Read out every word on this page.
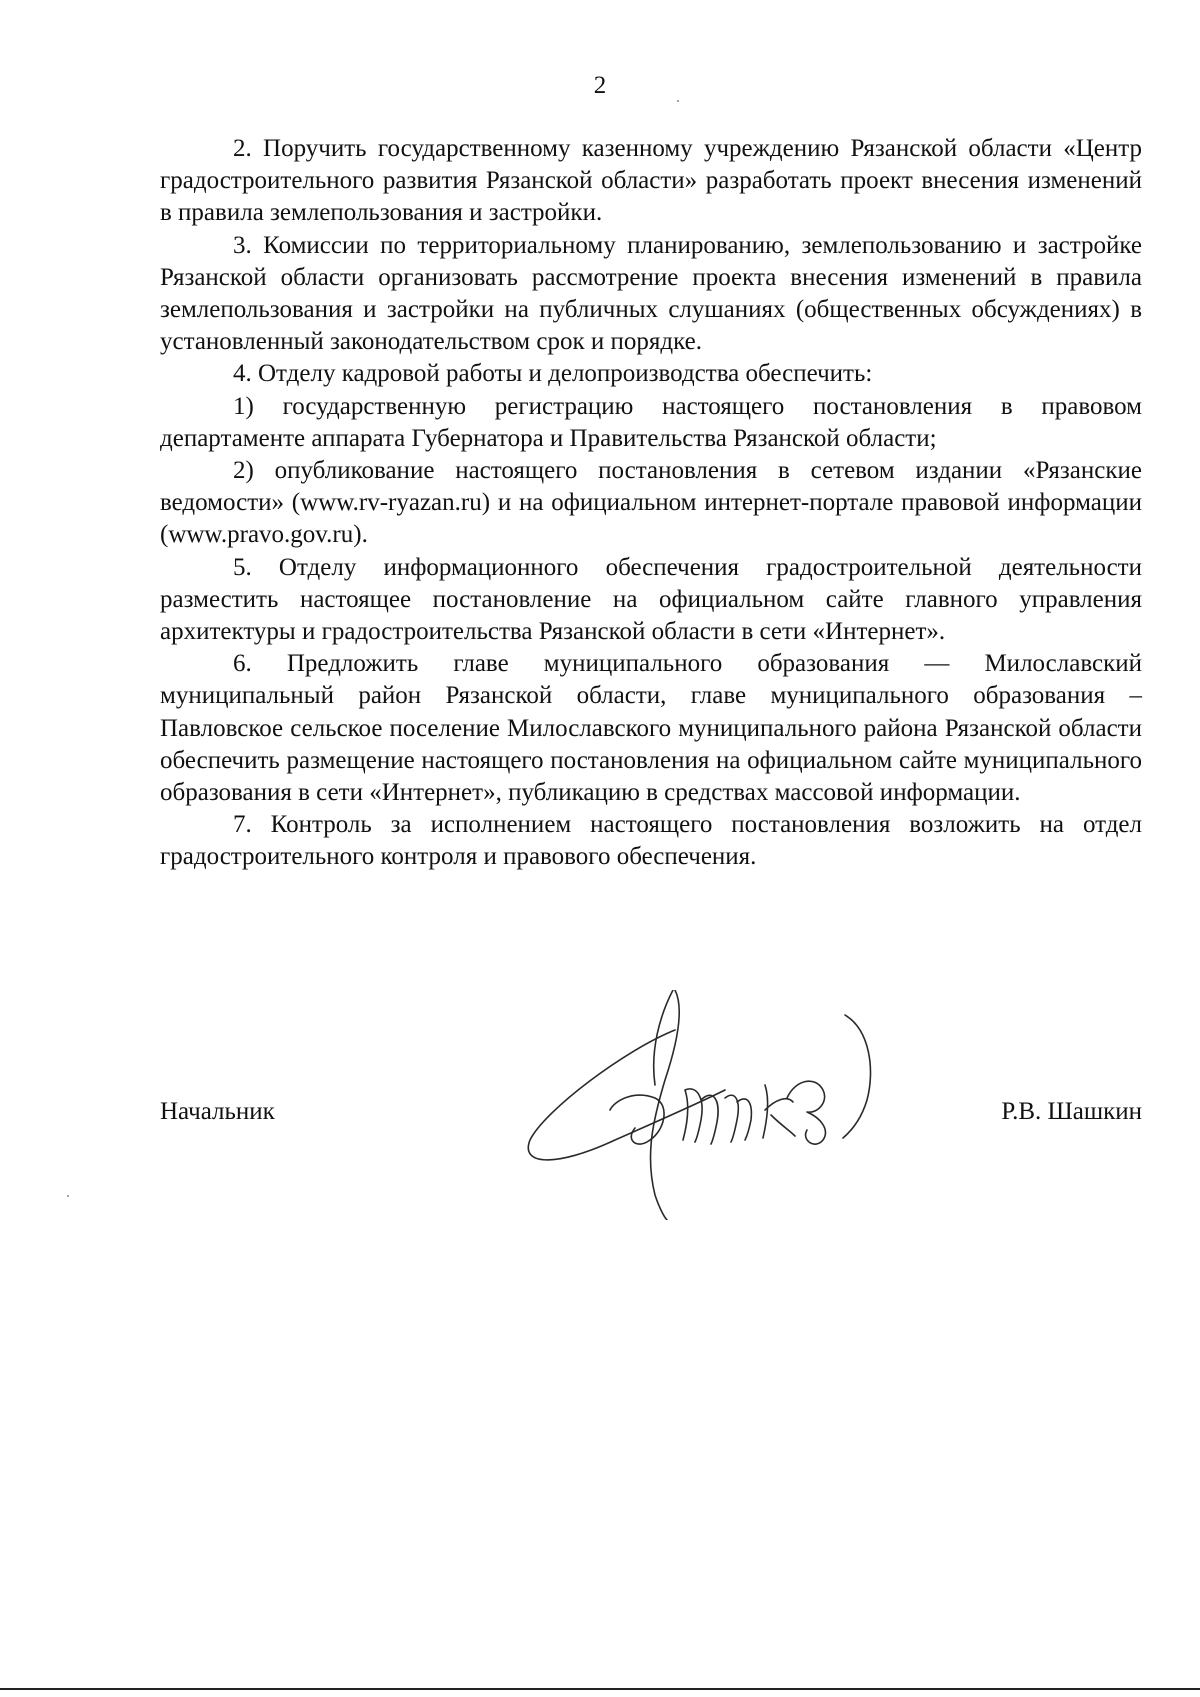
2

2. Поручить государственному казенному учреждению Рязанской области «Центр градостроительного развития Рязанской области» разработать проект внесения изменений в правила землепользования и застройки.

3. Комиссии по территориальному планированию, землепользованию и застройке Рязанской области организовать рассмотрение проекта внесения изменений в правила землепользования и застройки на публичных слушаниях (общественных обсуждениях) в установленный законодательством срок и порядке.

4. Отделу кадровой работы и делопроизводства обеспечить:

1) государственную регистрацию настоящего постановления в правовом департаменте аппарата Губернатора и Правительства Рязанской области;

2) опубликование настоящего постановления в сетевом издании «Рязанские ведомости» (www.rv-ryazan.ru) и на официальном интернет-портале правовой информации (www.pravo.gov.ru).

5. Отделу информационного обеспечения градостроительной деятельности разместить настоящее постановление на официальном сайте главного управления архитектуры и градостроительства Рязанской области в сети «Интернет».

6. Предложить главе муниципального образования — Милославский муниципальный район Рязанской области, главе муниципального образования – Павловское сельское поселение Милославского муниципального района Рязанской области обеспечить размещение настоящего постановления на официальном сайте муниципального образования в сети «Интернет», публикацию в средствах массовой информации.

7. Контроль за исполнением настоящего постановления возложить на отдел градостроительного контроля и правового обеспечения.

Начальник	Р.В. Шашкин
